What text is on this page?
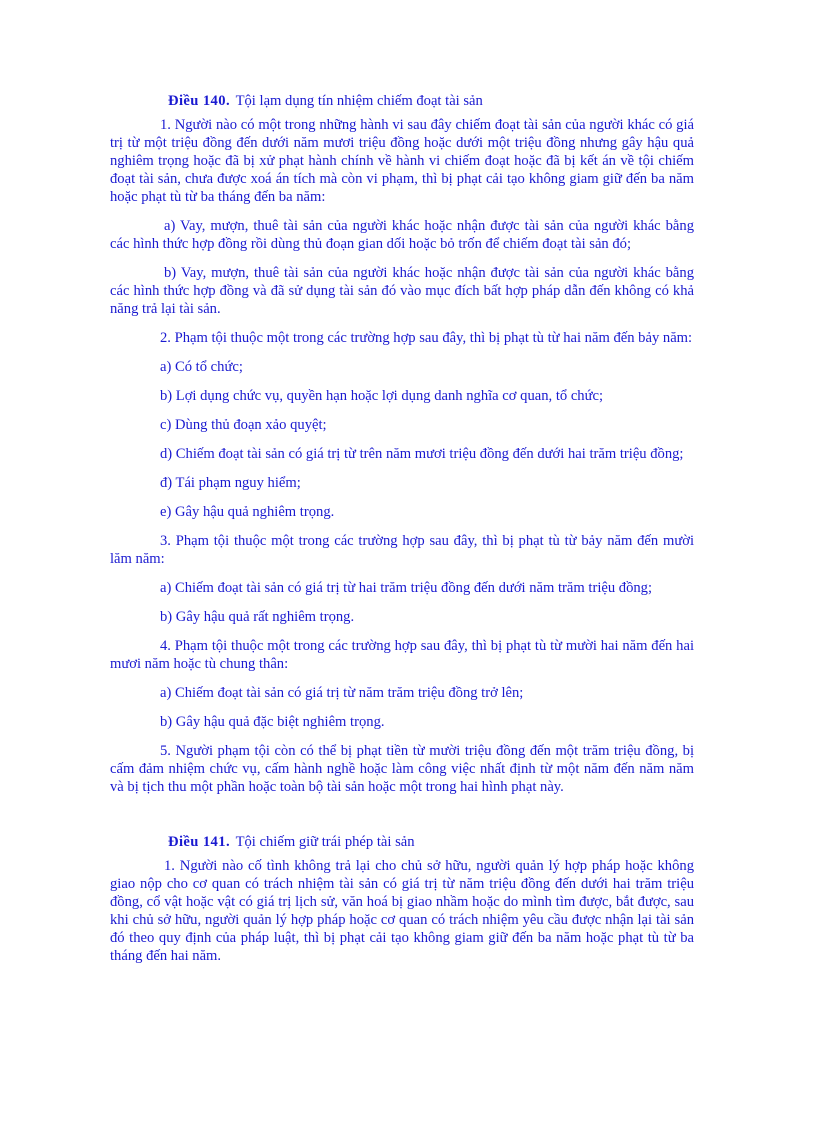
Điều 140. Tội lạm dụng tín nhiệm chiếm đoạt tài sản

1. Người nào có một trong những hành vi sau đây chiếm đoạt tài sản của người khác có giá trị từ một triệu đồng đến dưới năm mươi triệu đồng hoặc dưới một triệu đồng nhưng gây hậu quả nghiêm trọng hoặc đã bị xử phạt hành chính về hành vi chiếm đoạt hoặc đã bị kết án về tội chiếm đoạt tài sản, chưa được xoá án tích mà còn vi phạm, thì bị phạt cải tạo không giam giữ đến ba năm hoặc phạt tù từ ba tháng đến ba năm:

a) Vay, mượn, thuê tài sản của người khác hoặc nhận được tài sản của người khác bằng các hình thức hợp đồng rồi dùng thủ đoạn gian dối hoặc bỏ trốn để chiếm đoạt tài sản đó;

b) Vay, mượn, thuê tài sản của người khác hoặc nhận được tài sản của người khác bằng các hình thức hợp đồng và đã sử dụng tài sản đó vào mục đích bất hợp pháp dẫn đến không có khả năng trả lại tài sản.

2. Phạm tội thuộc một trong các trường hợp sau đây, thì bị phạt tù từ hai năm đến bảy năm:

a) Có tổ chức;

b) Lợi dụng chức vụ, quyền hạn hoặc lợi dụng danh nghĩa cơ quan, tổ chức;

c) Dùng thủ đoạn xảo quyệt;

d) Chiếm đoạt tài sản có giá trị từ trên năm mươi triệu đồng đến dưới hai trăm triệu đồng;

đ) Tái phạm nguy hiểm;

e) Gây hậu quả nghiêm trọng.

3. Phạm tội thuộc một trong các trường hợp sau đây, thì bị phạt tù từ bảy năm đến mười lăm năm:

a) Chiếm đoạt tài sản có giá trị từ hai trăm triệu đồng đến dưới năm trăm triệu đồng;

b) Gây hậu quả rất nghiêm trọng.

4. Phạm tội thuộc một trong các trường hợp sau đây, thì bị phạt tù từ mười hai năm đến hai mươi năm hoặc tù chung thân:

a) Chiếm đoạt tài sản có giá trị từ năm trăm triệu đồng trở lên;

b) Gây hậu quả đặc biệt nghiêm trọng.

5. Người phạm tội còn có thể bị phạt tiền từ mười triệu đồng đến một trăm triệu đồng, bị cấm đảm nhiệm chức vụ, cấm hành nghề hoặc làm công việc nhất định từ một năm đến năm năm và bị tịch thu một phần hoặc toàn bộ tài sản hoặc một trong hai hình phạt này.

Điều 141. Tội chiếm giữ trái phép tài sản

1. Người nào cố tình không trả lại cho chủ sở hữu, người quản lý hợp pháp hoặc không giao nộp cho cơ quan có trách nhiệm tài sản có giá trị từ năm triệu đồng đến dưới hai trăm triệu đồng, cổ vật hoặc vật có giá trị lịch sử, văn hoá bị giao nhầm hoặc do mình tìm được, bắt được, sau khi chủ sở hữu, người quản lý hợp pháp hoặc cơ quan có trách nhiệm yêu cầu được nhận lại tài sản đó theo quy định của pháp luật, thì bị phạt cải tạo không giam giữ đến ba năm hoặc phạt tù từ ba tháng đến hai năm.
